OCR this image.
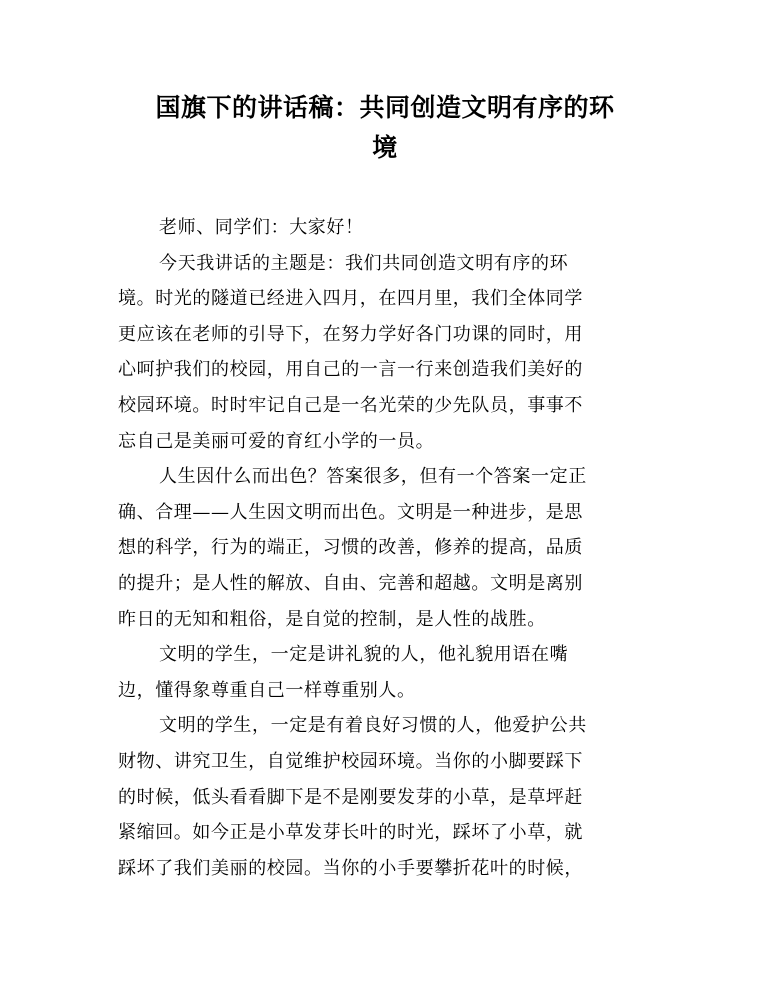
国旗下的讲话稿：共同创造文明有序的环
境
老师、同学们：大家好！
今天我讲话的主题是：我们共同创造文明有序的环
境。时光的隧道已经进入四月，在四月里，我们全体同学
更应该在老师的引导下，在努力学好各门功课的同时，用
心呵护我们的校园，用自己的一言一行来创造我们美好的
校园环境。时时牢记自己是一名光荣的少先队员，事事不
忘自己是美丽可爱的育红小学的一员。
人生因什么而出色？答案很多，但有一个答案一定正
确、合理——人生因文明而出色。文明是一种进步，是思
想的科学，行为的端正，习惯的改善，修养的提高，品质
的提升；是人性的解放、自由、完善和超越。文明是离别
昨日的无知和粗俗，是自觉的控制，是人性的战胜。
文明的学生，一定是讲礼貌的人，他礼貌用语在嘴
边，懂得象尊重自己一样尊重别人。
文明的学生，一定是有着良好习惯的人，他爱护公共
财物、讲究卫生，自觉维护校园环境。当你的小脚要踩下
的时候，低头看看脚下是不是刚要发芽的小草，是草坪赶
紧缩回。如今正是小草发芽长叶的时光，踩坏了小草，就
踩坏了我们美丽的校园。当你的小手要攀折花叶的时候，
